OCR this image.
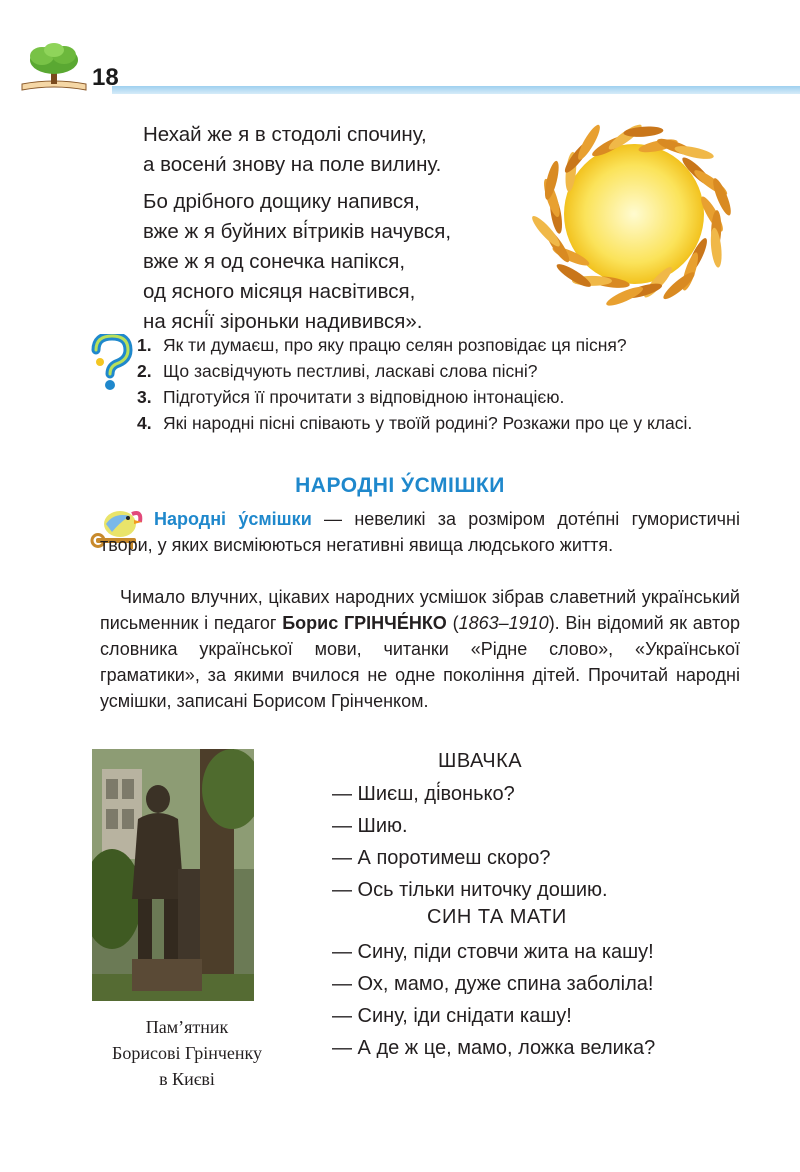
18
Нехай же я в стодолі спочину,
а восени́ знову на поле вилину.
Бо дрібного дощику напився,
вже ж я буйних ві́триків начувся,
вже ж я од сонечка напікся,
од ясного місяця насвітився,
на ясні́ї зіроньки надивився».
1. Як ти думаєш, про яку працю селян розповідає ця пісня?
2. Що засвідчують пестливі, ласкаві слова пісні?
3. Підготуйся її прочитати з відповідною інтонацією.
4. Які народні пісні співають у твоїй родині? Розкажи про це у класі.
НАРОДНІ У́СМІШКИ
Народні у́смішки — невеликі за розміром доте́пні гумористичні твори, у яких висміюються негативні явища людського життя.
Чимало влучних, цікавих народних усмішок зібрав славетний український письменник і педагог Борис ГРІНЧЕ́НКО (1863–1910). Він відомий як автор словника української мови, читанки «Рідне слово», «Української граматики», за якими вчилося не одне покоління дітей. Прочитай народні усмішки, записані Борисом Грінченком.
Пам’ятник
Борисові Грінченку
в Києві
ШВАЧКА
— Шиєш, ді́вонько?
— Шию.
— А поротимеш скоро?
— Ось тільки ниточку дошию.
СИН ТА МАТИ
— Сину, піди стовчи жита на кашу!
— Ох, мамо, дуже спина заболіла!
— Сину, іди снідати кашу!
— А де ж це, мамо, ложка велика?
